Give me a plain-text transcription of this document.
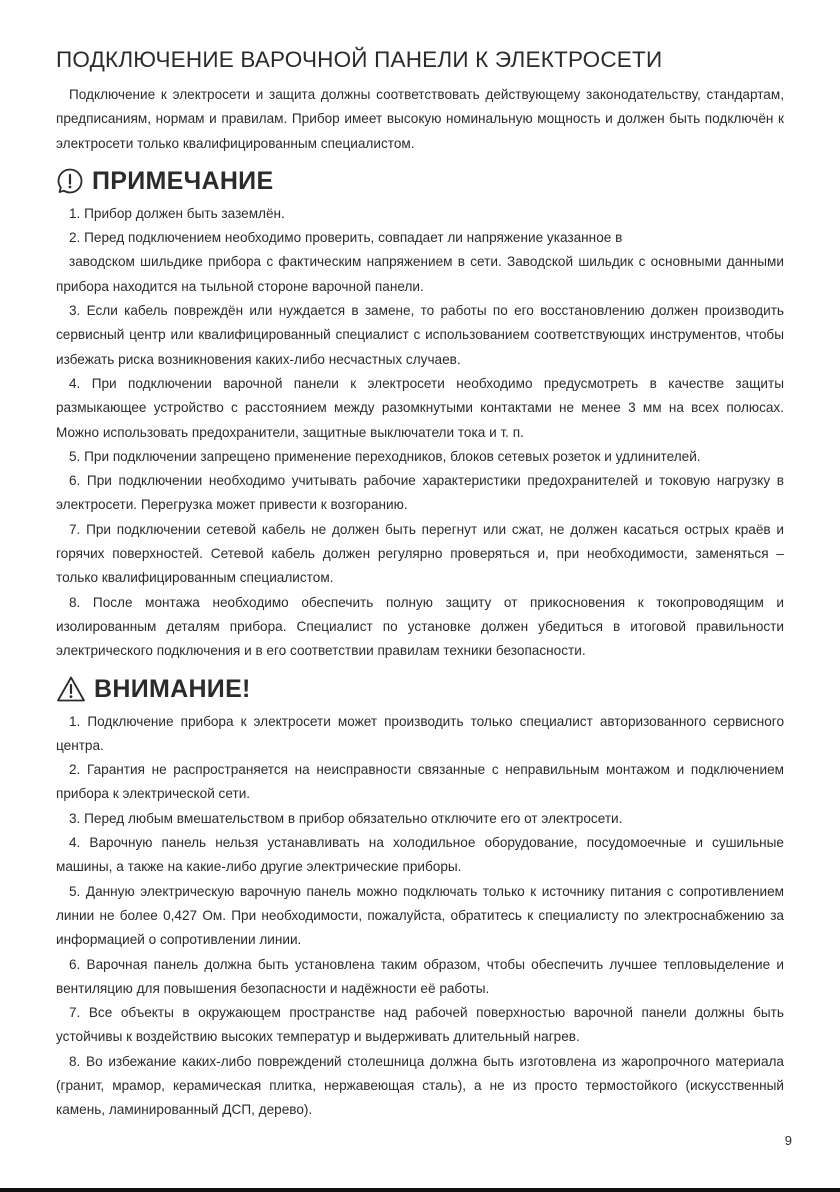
ПОДКЛЮЧЕНИЕ ВАРОЧНОЙ ПАНЕЛИ К ЭЛЕКТРОСЕТИ

Подключение к электросети и защита должны соответствовать действующему законодательству, стандартам, предписаниям, нормам и правилам. Прибор имеет высокую номинальную мощность и должен быть подключён к электросети только квалифицированным специалистом.

ПРИМЕЧАНИЕ

1. Прибор должен быть заземлён.

2. Перед подключением необходимо проверить, совпадает ли напряжение указанное в

заводском шильдике прибора с фактическим напряжением в сети. Заводской шильдик с основными данными прибора находится на тыльной стороне варочной панели.

3. Если кабель повреждён или нуждается в замене, то работы по его восстановлению должен производить сервисный центр или квалифицированный специалист с использованием соответствующих инструментов, чтобы избежать риска возникновения каких-либо несчастных случаев.

4. При подключении варочной панели к электросети необходимо предусмотреть в качестве защиты размыкающее устройство с расстоянием между разомкнутыми контактами не менее 3 мм на всех полюсах. Можно использовать предохранители, защитные выключатели тока и т. п.

5. При подключении запрещено применение переходников, блоков сетевых розеток и удлинителей.

6. При подключении необходимо учитывать рабочие характеристики предохранителей и токовую нагрузку в электросети. Перегрузка может привести к возгоранию.

7. При подключении сетевой кабель не должен быть перегнут или сжат, не должен касаться острых краёв и горячих поверхностей. Сетевой кабель должен регулярно проверяться и, при необходимости, заменяться – только квалифицированным специалистом.

8. После монтажа необходимо обеспечить полную защиту от прикосновения к токопроводящим и изолированным деталям прибора. Специалист по установке должен убедиться в итоговой правильности электрического подключения и в его соответствии правилам техники безопасности.

ВНИМАНИЕ!

1. Подключение прибора к электросети может производить только специалист авторизованного сервисного центра.

2. Гарантия не распространяется на неисправности связанные с неправильным монтажом и подключением прибора к электрической сети.

3. Перед любым вмешательством в прибор обязательно отключите его от электросети.

4. Варочную панель нельзя устанавливать на холодильное оборудование, посудомоечные и сушильные машины, а также на какие-либо другие электрические приборы.

5. Данную электрическую варочную панель можно подключать только к источнику питания с сопротивлением линии не более 0,427 Ом. При необходимости, пожалуйста, обратитесь к специалисту по электроснабжению за информацией о сопротивлении линии.

6. Варочная панель должна быть установлена таким образом, чтобы обеспечить лучшее тепловыделение и вентиляцию для повышения безопасности и надёжности её работы.

7. Все объекты в окружающем пространстве над рабочей поверхностью варочной панели должны быть устойчивы к воздействию высоких температур и выдерживать длительный нагрев.

8. Во избежание каких-либо повреждений столешница должна быть изготовлена из жаропрочного материала (гранит, мрамор, керамическая плитка, нержавеющая сталь), а не из просто термостойкого (искусственный камень, ламинированный ДСП, дерево).

9
